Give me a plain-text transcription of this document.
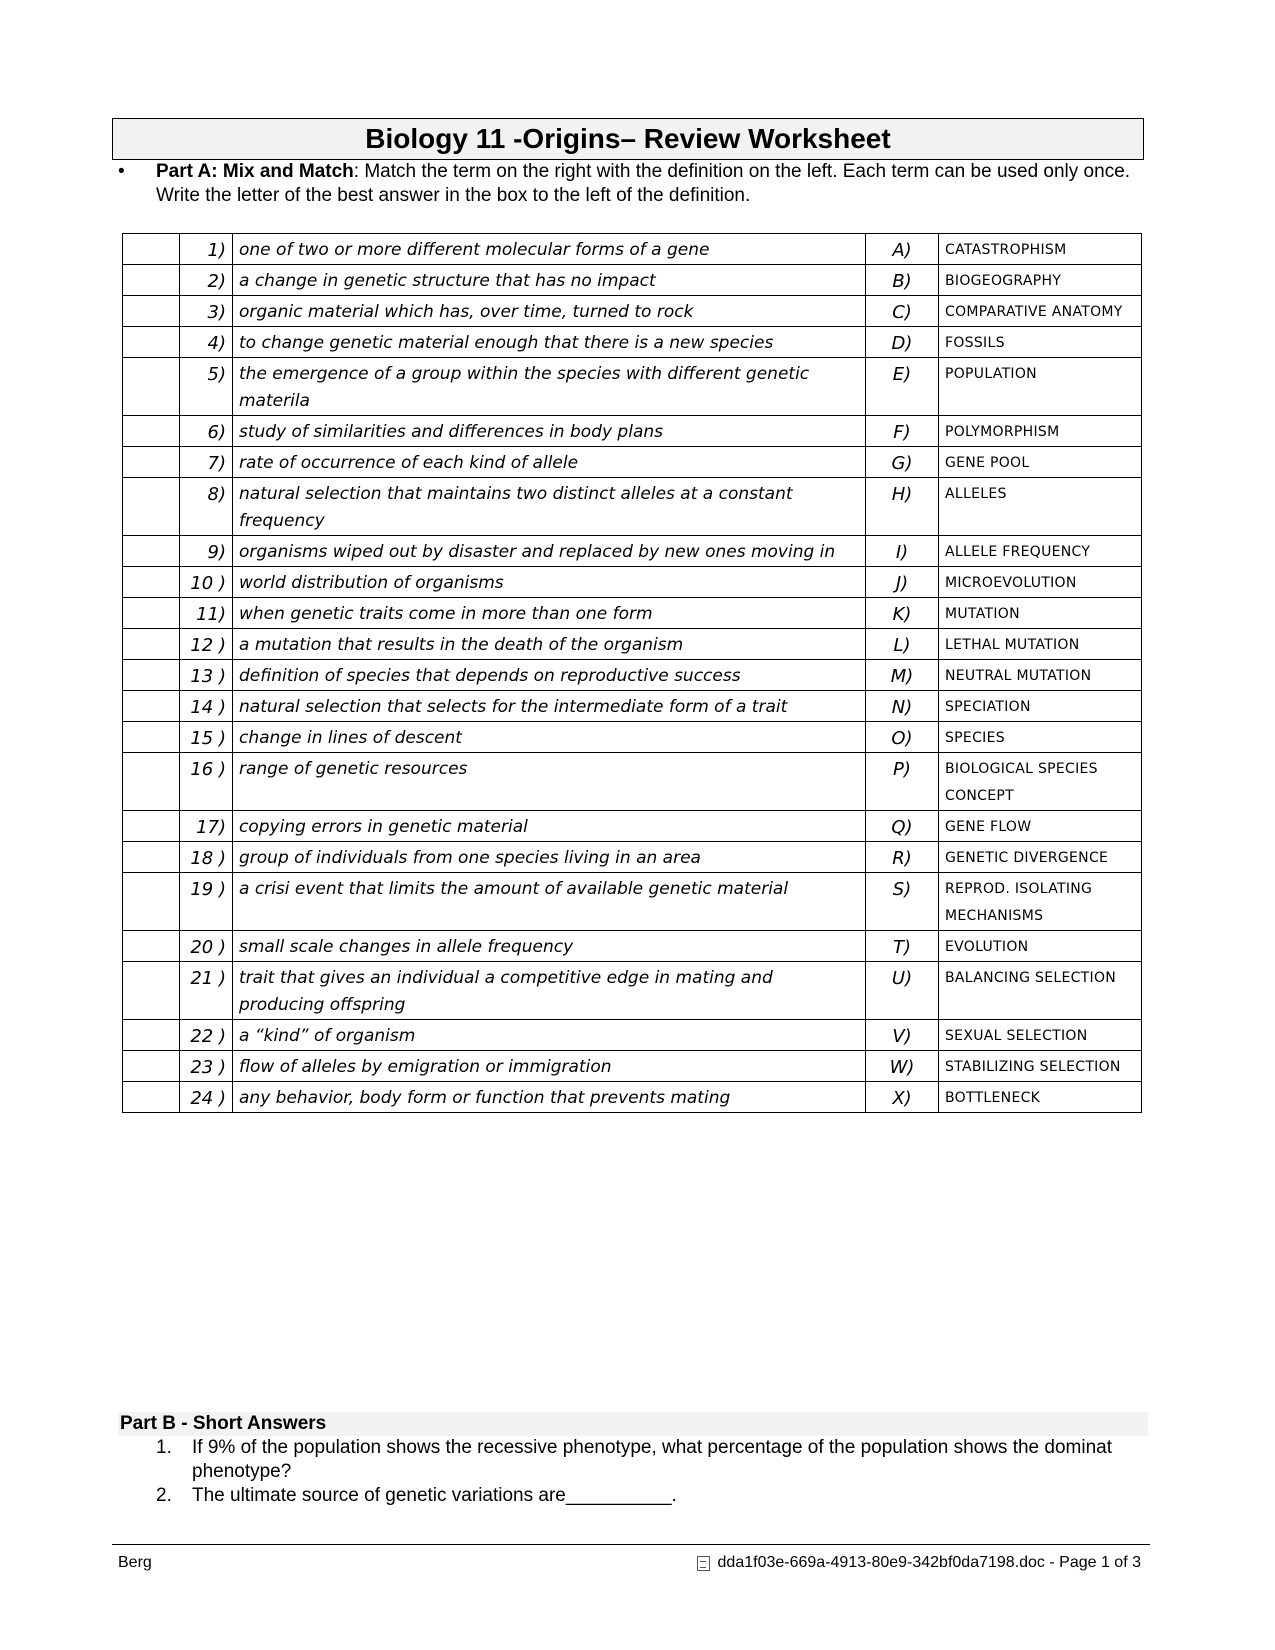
Biology 11 -Origins– Review Worksheet
• Part A: Mix and Match: Match the term on the right with the definition on the left. Each term can be used only once. Write the letter of the best answer in the box to the left of the definition.
	1)	one of two or more different molecular forms of a gene	A)	CATASTROPHISM
	2)	a change in genetic structure that has no impact	B)	BIOGEOGRAPHY
	3)	organic material which has, over time, turned to rock	C)	COMPARATIVE ANATOMY
	4)	to change genetic material enough that there is a new species	D)	FOSSILS
	5)	the emergence of a group within the species with different genetic materila	E)	POPULATION
	6)	study of similarities and differences in body plans	F)	POLYMORPHISM
	7)	rate of occurrence of each kind of allele	G)	GENE POOL
	8)	natural selection that maintains two distinct alleles at a constant frequency	H)	ALLELES
	9)	organisms wiped out by disaster and replaced by new ones moving in	I)	ALLELE FREQUENCY
	10 )	world distribution of organisms	J)	MICROEVOLUTION
	11)	when genetic traits come in more than one form	K)	MUTATION
	12 )	a mutation that results in the death of the organism	L)	LETHAL MUTATION
	13 )	definition of species that depends on reproductive success	M)	NEUTRAL MUTATION
	14 )	natural selection that selects for the intermediate form of a trait	N)	SPECIATION
	15 )	change in lines of descent	O)	SPECIES
	16 )	range of genetic resources	P)	BIOLOGICAL SPECIES CONCEPT
	17)	copying errors in genetic material	Q)	GENE FLOW
	18 )	group of individuals from one species living in an area	R)	GENETIC DIVERGENCE
	19 )	a crisi event that limits the amount of available genetic material	S)	REPROD. ISOLATING MECHANISMS
	20 )	small scale changes in allele frequency	T)	EVOLUTION
	21 )	trait that gives an individual a competitive edge in mating and producing offspring	U)	BALANCING SELECTION
	22 )	a “kind” of organism	V)	SEXUAL SELECTION
	23 )	flow of alleles by emigration or immigration	W)	STABILIZING SELECTION
	24 )	any behavior, body form or function that prevents mating	X)	BOTTLENECK
Part B - Short Answers
1. If 9% of the population shows the recessive phenotype, what percentage of the population shows the dominat phenotype?
2. The ultimate source of genetic variations are__________.
Berg	dda1f03e-669a-4913-80e9-342bf0da7198.doc - Page 1 of 3
